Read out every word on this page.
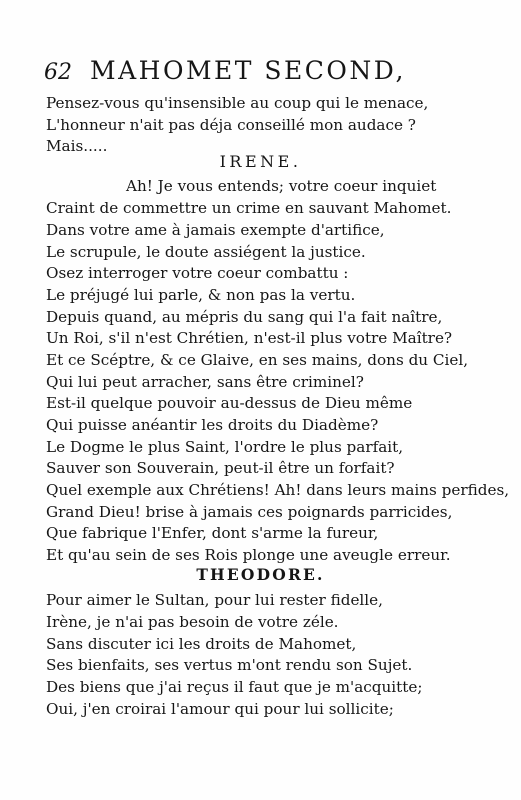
62 MAHOMET SECOND,
Pensez-vous qu'insensible au coup qui le menace,
L'honneur n'ait pas déja conseillé mon audace ?
Mais.....
IRENE.
Ah! Je vous entends; votre coeur inquiet
Craint de commettre un crime en sauvant Mahomet.
Dans votre ame à jamais exempte d'artifice,
Le scrupule, le doute assiégent la justice.
Osez interroger votre coeur combattu :
Le préjugé lui parle, & non pas la vertu.
Depuis quand, au mépris du sang qui l'a fait naître,
Un Roi, s'il n'est Chrétien, n'est-il plus votre Maître?
Et ce Scéptre, & ce Glaive, en ses mains, dons du Ciel,
Qui lui peut arracher, sans être criminel?
Est-il quelque pouvoir au-dessus de Dieu même
Qui puisse anéantir les droits du Diadème?
Le Dogme le plus Saint, l'ordre le plus parfait,
Sauver son Souverain, peut-il être un forfait?
Quel exemple aux Chrétiens! Ah! dans leurs mains perfides,
Grand Dieu! brise à jamais ces poignards parricides,
Que fabrique l'Enfer, dont s'arme la fureur,
Et qu'au sein de ses Rois plonge une aveugle erreur.
THEODORE.
Pour aimer le Sultan, pour lui rester fidelle,
Irène, je n'ai pas besoin de votre zéle.
Sans discuter ici les droits de Mahomet,
Ses bienfaits, ses vertus m'ont rendu son Sujet.
Des biens que j'ai reçus il faut que je m'acquitte;
Oui, j'en croirai l'amour qui pour lui sollicite;
